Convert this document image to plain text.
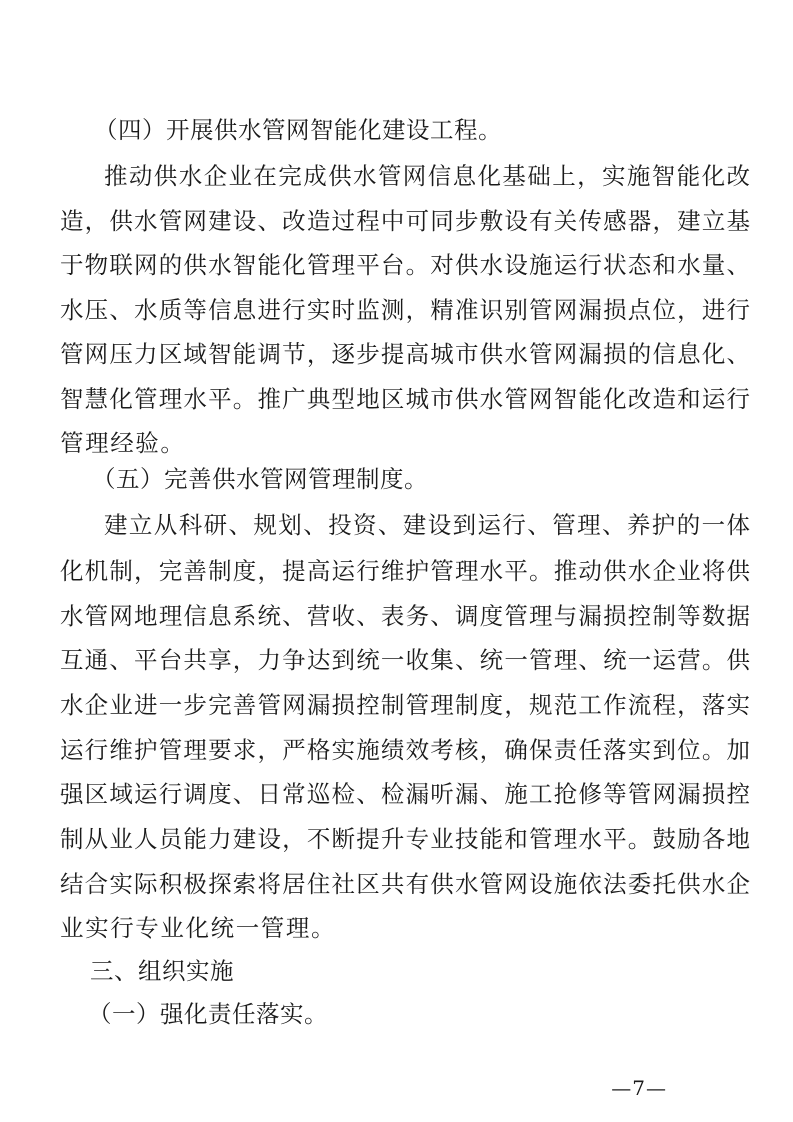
（四）开展供水管网智能化建设工程。
推动供水企业在完成供水管网信息化基础上，实施智能化改
造，供水管网建设、改造过程中可同步敷设有关传感器，建立基
于物联网的供水智能化管理平台。对供水设施运行状态和水量、
水压、水质等信息进行实时监测，精准识别管网漏损点位，进行
管网压力区域智能调节，逐步提高城市供水管网漏损的信息化、
智慧化管理水平。推广典型地区城市供水管网智能化改造和运行
管理经验。
（五）完善供水管网管理制度。
建立从科研、规划、投资、建设到运行、管理、养护的一体
化机制，完善制度，提高运行维护管理水平。推动供水企业将供
水管网地理信息系统、营收、表务、调度管理与漏损控制等数据
互通、平台共享，力争达到统一收集、统一管理、统一运营。供
水企业进一步完善管网漏损控制管理制度，规范工作流程，落实
运行维护管理要求，严格实施绩效考核，确保责任落实到位。加
强区域运行调度、日常巡检、检漏听漏、施工抢修等管网漏损控
制从业人员能力建设，不断提升专业技能和管理水平。鼓励各地
结合实际积极探索将居住社区共有供水管网设施依法委托供水企
业实行专业化统一管理。
三、组织实施
（一）强化责任落实。
—7—
